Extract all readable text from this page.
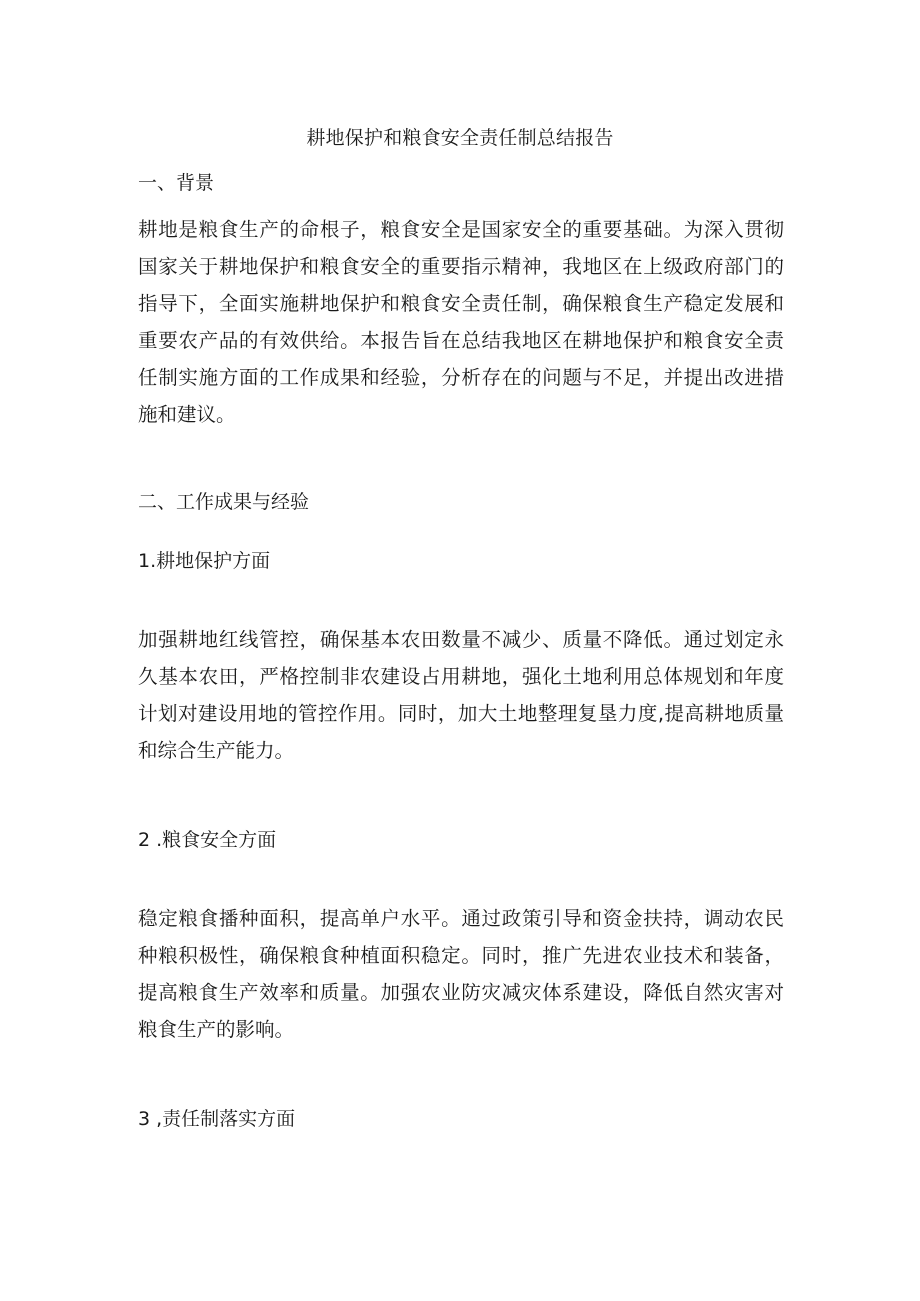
耕地保护和粮食安全责任制总结报告
一、背景
耕地是粮食生产的命根子，粮食安全是国家安全的重要基础。为深入贯彻
国家关于耕地保护和粮食安全的重要指示精神，我地区在上级政府部门的
指导下，全面实施耕地保护和粮食安全责任制，确保粮食生产稳定发展和
重要农产品的有效供给。本报告旨在总结我地区在耕地保护和粮食安全责
任制实施方面的工作成果和经验，分析存在的问题与不足，并提出改进措
施和建议。
二、工作成果与经验
1.耕地保护方面
加强耕地红线管控，确保基本农田数量不减少、质量不降低。通过划定永
久基本农田，严格控制非农建设占用耕地，强化土地利用总体规划和年度
计划对建设用地的管控作用。同时，加大土地整理复垦力度,提高耕地质量
和综合生产能力。
2 .粮食安全方面
稳定粮食播种面积，提高单户水平。通过政策引导和资金扶持，调动农民
种粮积极性，确保粮食种植面积稳定。同时，推广先进农业技术和装备，
提高粮食生产效率和质量。加强农业防灾减灾体系建设，降低自然灾害对
粮食生产的影响。
3 ,责任制落实方面
